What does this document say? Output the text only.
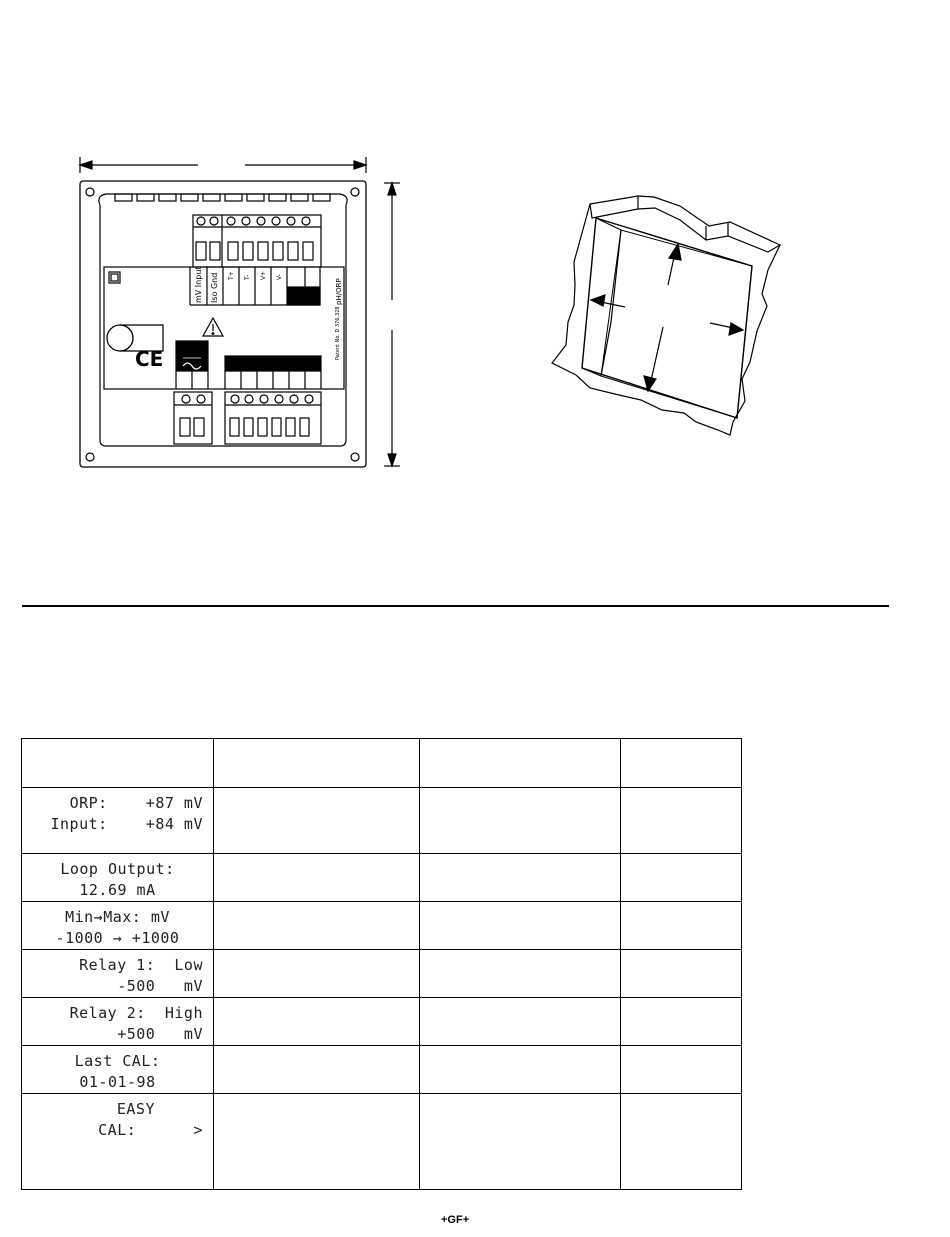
mV Input Iso Gnd T+ T- V+ V-
pH/ORP
Patent No. D 376,328
CE

ORP:    +87 mV
Input:    +84 mV			

Loop Output:
12.69 mA			

Min→Max: mV
-1000 → +1000			

Relay 1:  Low
-500   mV			

Relay 2:  High
+500   mV			

Last CAL:
01-01-98			

EASY
CAL:      >			

+GF+
